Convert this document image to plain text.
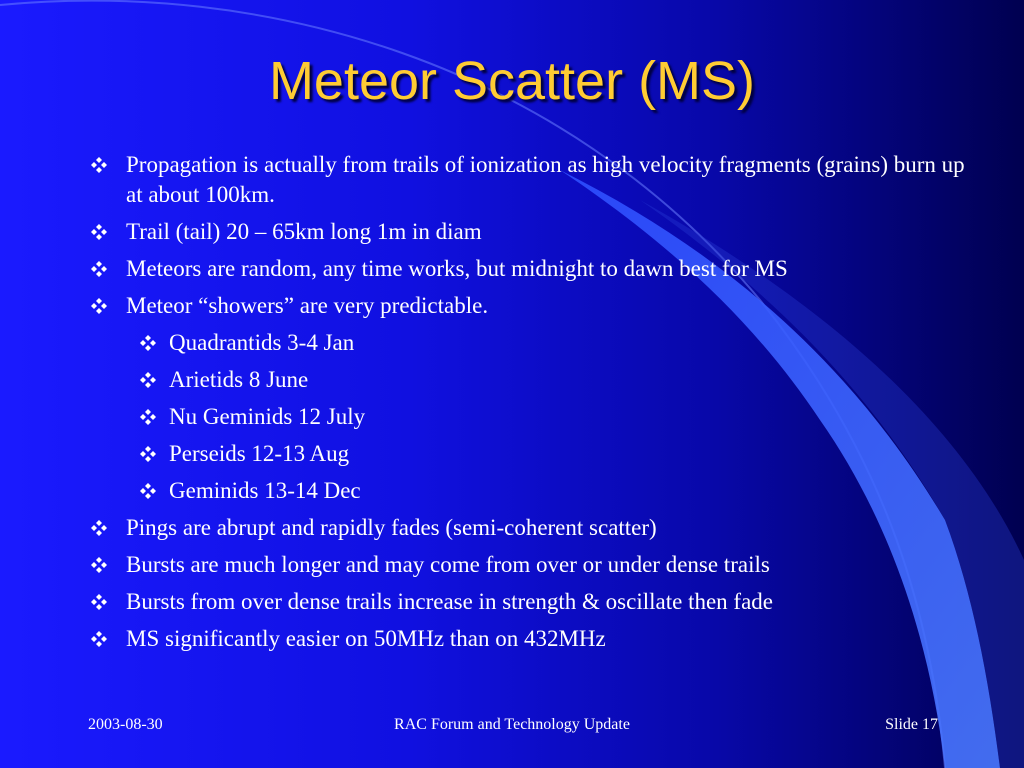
Meteor Scatter (MS)
Propagation is actually from trails of ionization as high velocity fragments (grains) burn up at about 100km.
Trail (tail) 20 – 65km long 1m in diam
Meteors are random, any time works, but midnight to dawn best for MS
Meteor “showers” are very predictable.
Quadrantids 3-4 Jan
Arietids 8 June
Nu Geminids 12 July
Perseids 12-13 Aug
Geminids 13-14 Dec
Pings are abrupt and rapidly fades (semi-coherent scatter)
Bursts are much longer and may come from over or under dense trails
Bursts from over dense trails increase in strength & oscillate then fade
MS significantly easier on 50MHz than on 432MHz
2003-08-30	RAC Forum and Technology Update	Slide 17
